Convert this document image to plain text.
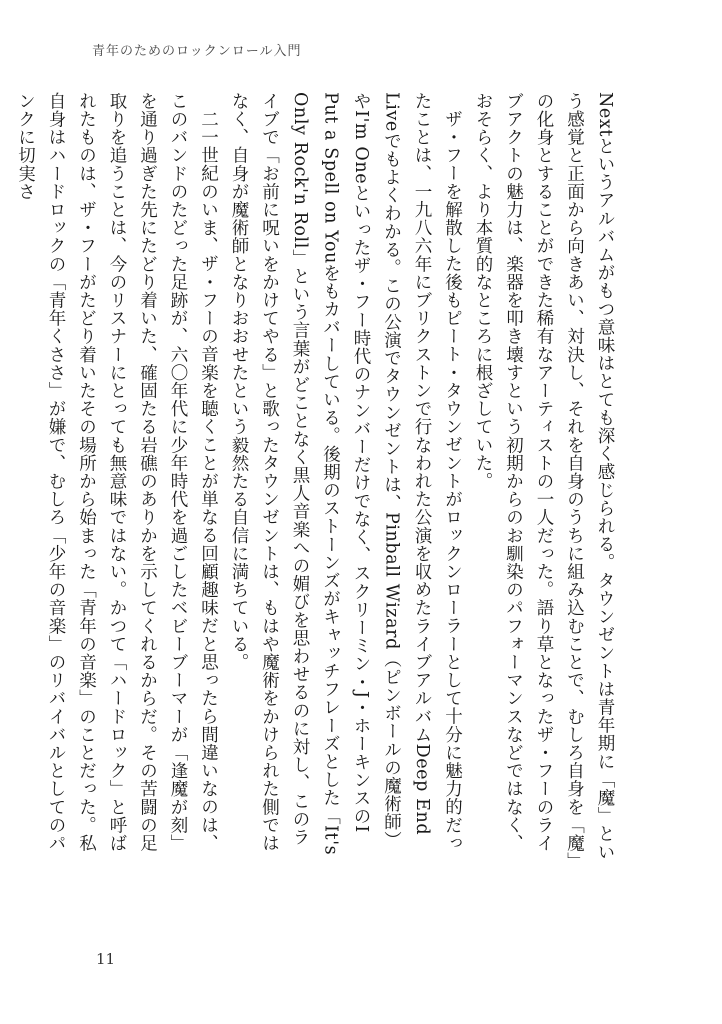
青年のためのロックンロール入門

Nextというアルバムがもつ意味はとても深く感じられる。タウンゼントは青年期に「魔」という感覚と正面から向きあい、対決し、それを自身のうちに組み込むことで、むしろ自身を「魔」の化身とすることができた稀有なアーティストの一人だった。語り草となったザ・フーのライブアクトの魅力は、楽器を叩き壊すという初期からのお馴染のパフォーマンスなどではなく、おそらく、より本質的なところに根ざしていた。

ザ・フーを解散した後もピート・タウンゼントがロックンローラーとして十分に魅力的だったことは、一九八六年にブリクストンで行なわれた公演を収めたライブアルバムDeep End Liveでもよくわかる。この公演でタウンゼントは、Pinball Wizard（ピンボールの魔術師）やI'm Oneといったザ・フー時代のナンバーだけでなく、スクリーミン・J・ホーキンスのI Put a Spell on Youをもカバーしている。後期のストーンズがキャッチフレーズとした「It's Only Rock'n Roll」という言葉がどことなく黒人音楽への媚びを思わせるのに対し、このライブで「お前に呪いをかけてやる」と歌ったタウンゼントは、もはや魔術をかけられた側ではなく、自身が魔術師となりおおせたという毅然たる自信に満ちている。

二一世紀のいま、ザ・フーの音楽を聴くことが単なる回顧趣味だと思ったら間違いなのは、このバンドのたどった足跡が、六〇年代に少年時代を過ごしたベビーブーマーが「逢魔が刻」を通り過ぎた先にたどり着いた、確固たる岩礁のありかを示してくれるからだ。その苦闘の足取りを追うことは、今のリスナーにとっても無意味ではない。かつて「ハードロック」と呼ばれたものは、ザ・フーがたどり着いたその場所から始まった「青年の音楽」のことだった。私自身はハードロックの「青年くささ」が嫌で、むしろ「少年の音楽」のリバイバルとしてのパンクに切実さ

11
